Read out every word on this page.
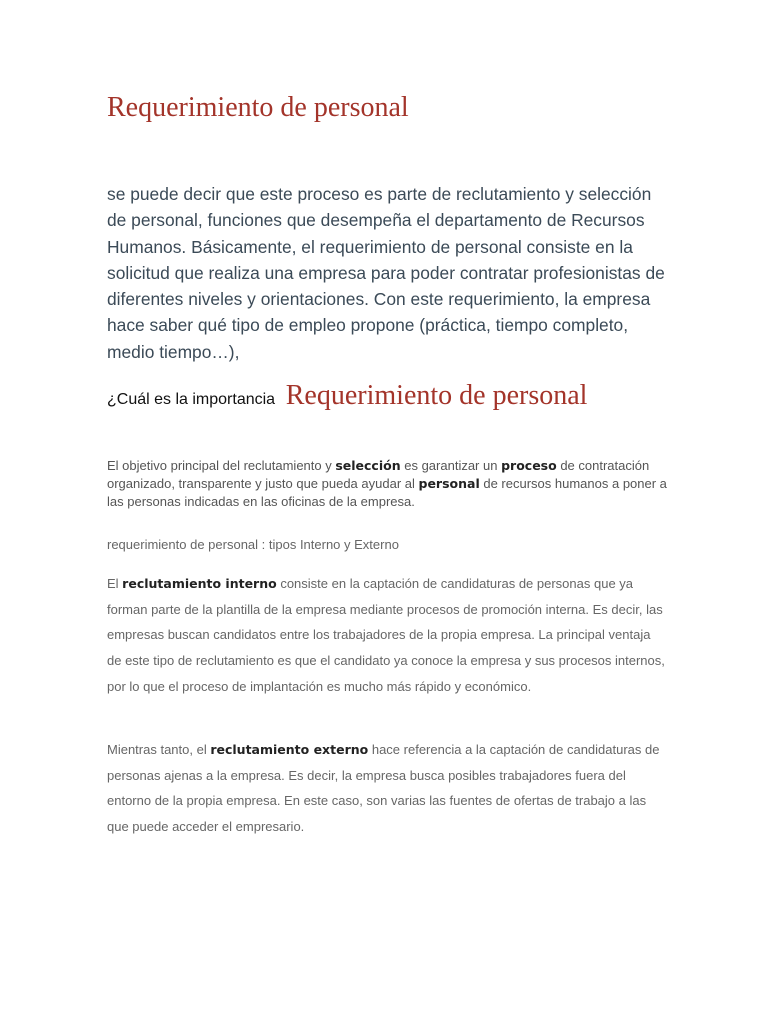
Requerimiento de personal

se puede decir que este proceso es parte de reclutamiento y selección de personal, funciones que desempeña el departamento de Recursos Humanos. Básicamente, el requerimiento de personal consiste en la solicitud que realiza una empresa para poder contratar profesionistas de diferentes niveles y orientaciones. Con este requerimiento, la empresa hace saber qué tipo de empleo propone (práctica, tiempo completo, medio tiempo…),

¿Cuál es la importancia Requerimiento de personal

El objetivo principal del reclutamiento y selección es garantizar un proceso de contratación organizado, transparente y justo que pueda ayudar al personal de recursos humanos a poner a las personas indicadas en las oficinas de la empresa.

requerimiento de personal : tipos Interno y Externo

El reclutamiento interno consiste en la captación de candidaturas de personas que ya forman parte de la plantilla de la empresa mediante procesos de promoción interna. Es decir, las empresas buscan candidatos entre los trabajadores de la propia empresa. La principal ventaja de este tipo de reclutamiento es que el candidato ya conoce la empresa y sus procesos internos, por lo que el proceso de implantación es mucho más rápido y económico.

Mientras tanto, el reclutamiento externo hace referencia a la captación de candidaturas de personas ajenas a la empresa. Es decir, la empresa busca posibles trabajadores fuera del entorno de la propia empresa. En este caso, son varias las fuentes de ofertas de trabajo a las que puede acceder el empresario.
